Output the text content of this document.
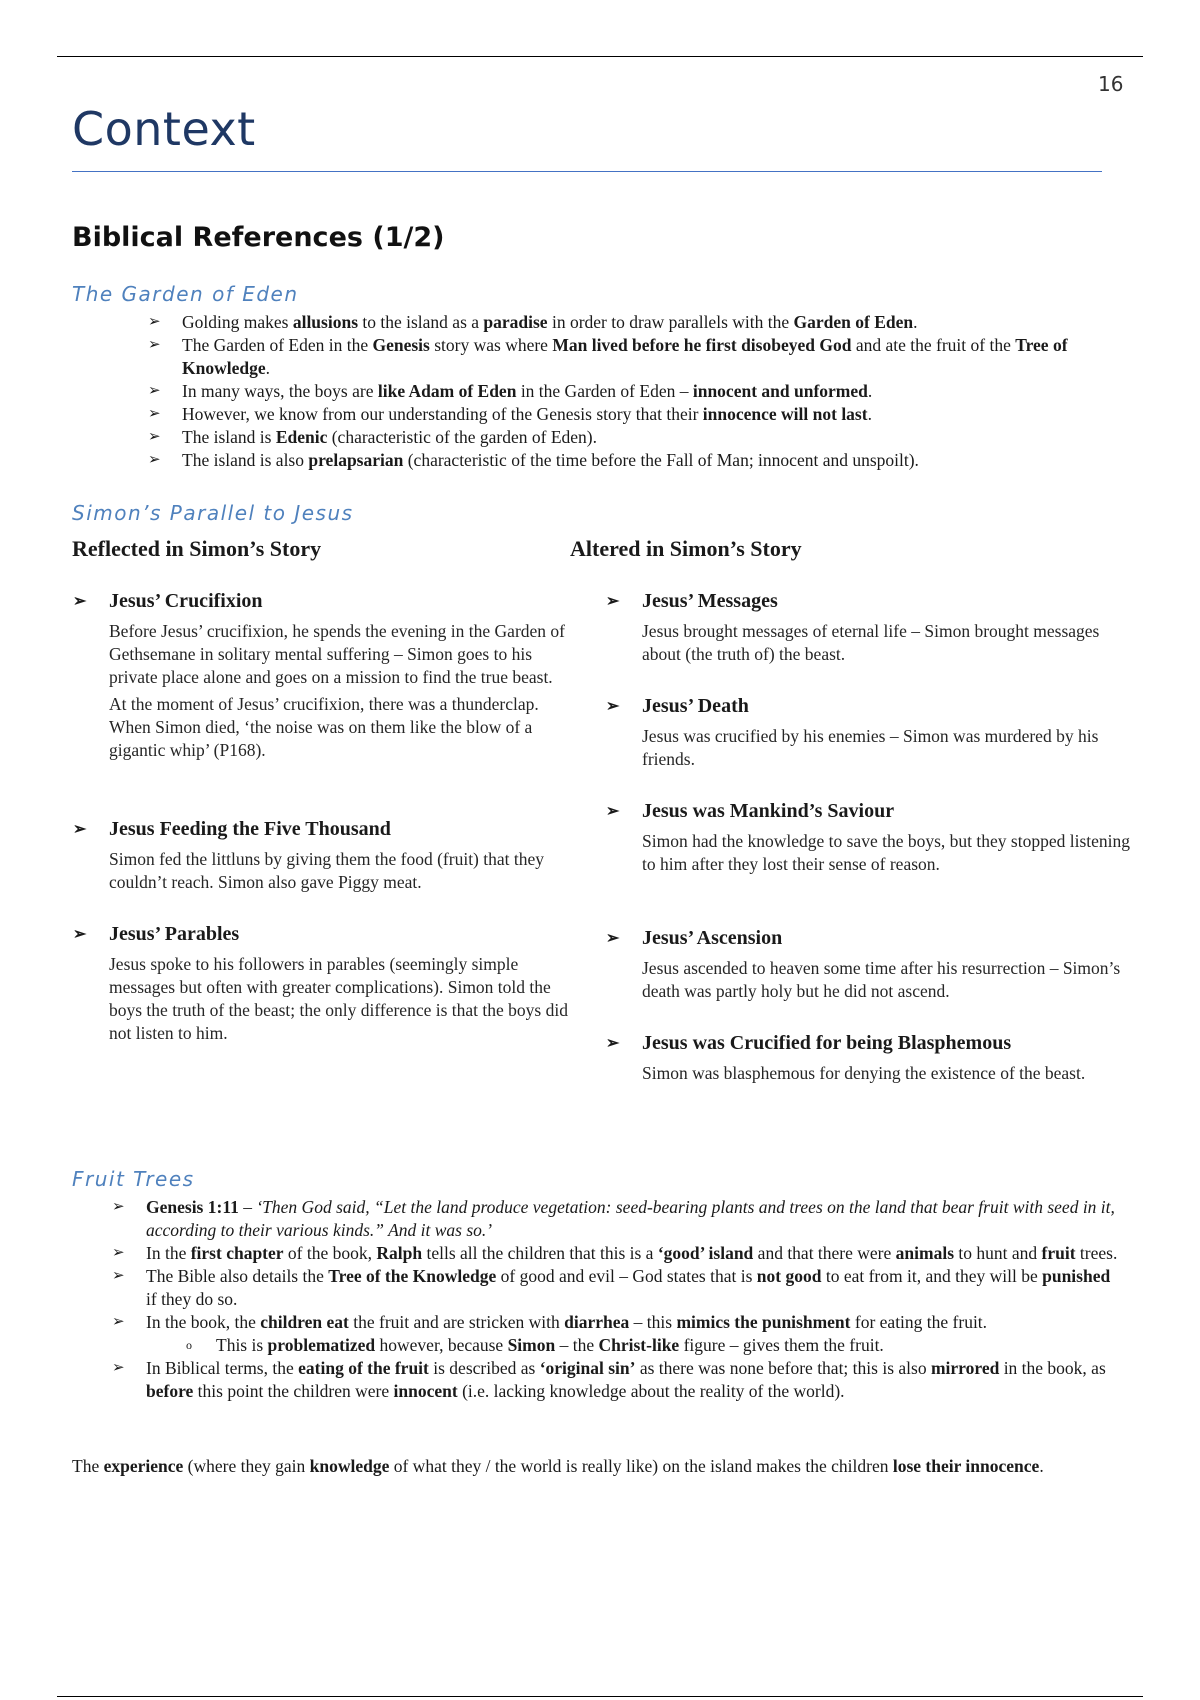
16
Context
Biblical References (1/2)
The Garden of Eden
➢ Golding makes allusions to the island as a paradise in order to draw parallels with the Garden of Eden.
➢ The Garden of Eden in the Genesis story was where Man lived before he first disobeyed God and ate the fruit of the Tree of Knowledge.
➢ In many ways, the boys are like Adam of Eden in the Garden of Eden – innocent and unformed.
➢ However, we know from our understanding of the Genesis story that their innocence will not last.
➢ The island is Edenic (characteristic of the garden of Eden).
➢ The island is also prelapsarian (characteristic of the time before the Fall of Man; innocent and unspoilt).
Simon’s Parallel to Jesus
Reflected in Simon’s Story	Altered in Simon’s Story
➢ Jesus’ Crucifixion

Before Jesus’ crucifixion, he spends the evening in the Garden of Gethsemane in solitary mental suffering – Simon goes to his private place alone and goes on a mission to find the true beast.

At the moment of Jesus’ crucifixion, there was a thunderclap. When Simon died, ‘the noise was on them like the blow of a gigantic whip’ (P168).

➢ Jesus Feeding the Five Thousand

Simon fed the littluns by giving them the food (fruit) that they couldn’t reach. Simon also gave Piggy meat.

➢ Jesus’ Parables

Jesus spoke to his followers in parables (seemingly simple messages but often with greater complications). Simon told the boys the truth of the beast; the only difference is that the boys did not listen to him.

➢ Jesus’ Messages

Jesus brought messages of eternal life – Simon brought messages about (the truth of) the beast.

➢ Jesus’ Death

Jesus was crucified by his enemies – Simon was murdered by his friends.

➢ Jesus was Mankind’s Saviour

Simon had the knowledge to save the boys, but they stopped listening to him after they lost their sense of reason.

➢ Jesus’ Ascension

Jesus ascended to heaven some time after his resurrection – Simon’s death was partly holy but he did not ascend.

➢ Jesus was Crucified for being Blasphemous

Simon was blasphemous for denying the existence of the beast.

Fruit Trees
➢ Genesis 1:11 – ‘Then God said, “Let the land produce vegetation: seed-bearing plants and trees on the land that bear fruit with seed in it, according to their various kinds.” And it was so.’
➢ In the first chapter of the book, Ralph tells all the children that this is a ‘good’ island and that there were animals to hunt and fruit trees.
➢ The Bible also details the Tree of the Knowledge of good and evil – God states that is not good to eat from it, and they will be punished if they do so.
➢ In the book, the children eat the fruit and are stricken with diarrhea – this mimics the punishment for eating the fruit.
o This is problematized however, because Simon – the Christ-like figure – gives them the fruit.
➢ In Biblical terms, the eating of the fruit is described as ‘original sin’ as there was none before that; this is also mirrored in the book, as before this point the children were innocent (i.e. lacking knowledge about the reality of the world).

The experience (where they gain knowledge of what they / the world is really like) on the island makes the children lose their innocence.
